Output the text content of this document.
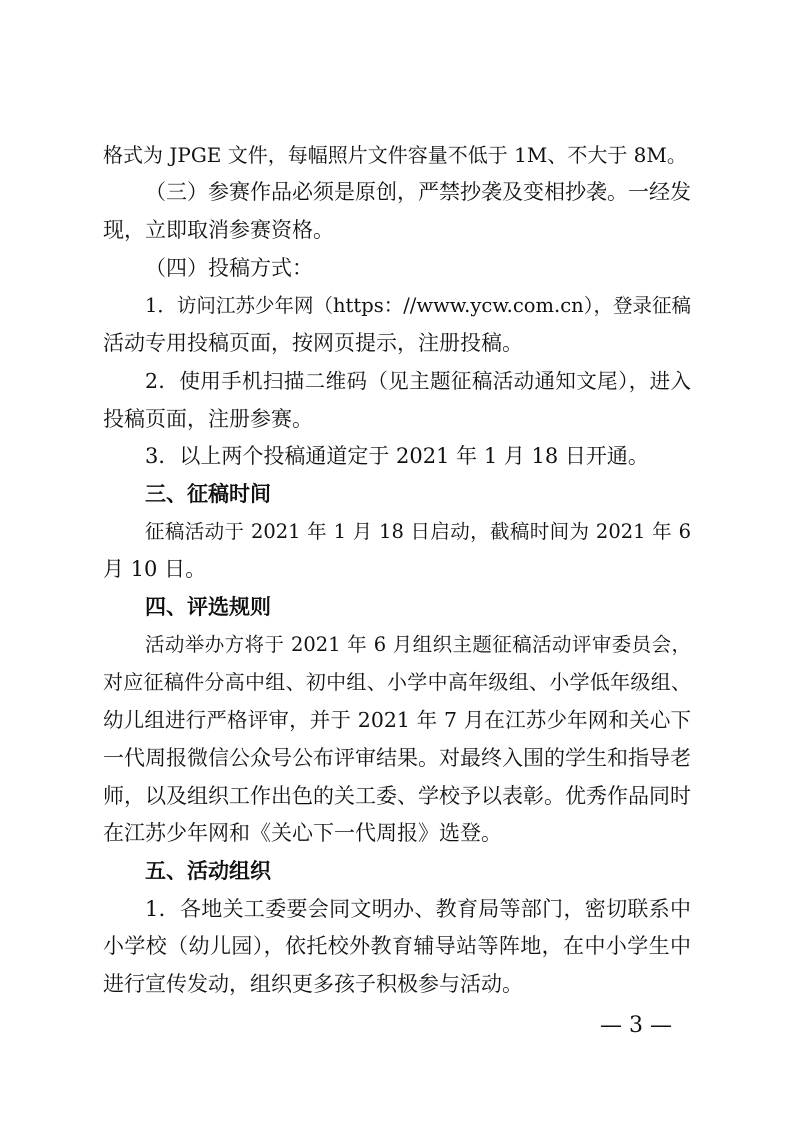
格式为 JPGE 文件，每幅照片文件容量不低于 1M、不大于 8M。
（三）参赛作品必须是原创，严禁抄袭及变相抄袭。一经发
现，立即取消参赛资格。
（四）投稿方式：
1．访问江苏少年网（https：//www.ycw.com.cn），登录征稿
活动专用投稿页面，按网页提示，注册投稿。
2．使用手机扫描二维码（见主题征稿活动通知文尾），进入
投稿页面，注册参赛。
3．以上两个投稿通道定于 2021 年 1 月 18 日开通。
三、征稿时间
征稿活动于 2021 年 1 月 18 日启动，截稿时间为 2021 年 6
月 10 日。
四、评选规则
活动举办方将于 2021 年 6 月组织主题征稿活动评审委员会，
对应征稿件分高中组、初中组、小学中高年级组、小学低年级组、
幼儿组进行严格评审，并于 2021 年 7 月在江苏少年网和关心下
一代周报微信公众号公布评审结果。对最终入围的学生和指导老
师，以及组织工作出色的关工委、学校予以表彰。优秀作品同时
在江苏少年网和《关心下一代周报》选登。
五、活动组织
1．各地关工委要会同文明办、教育局等部门，密切联系中
小学校（幼儿园），依托校外教育辅导站等阵地，在中小学生中
进行宣传发动，组织更多孩子积极参与活动。
— 3 —
